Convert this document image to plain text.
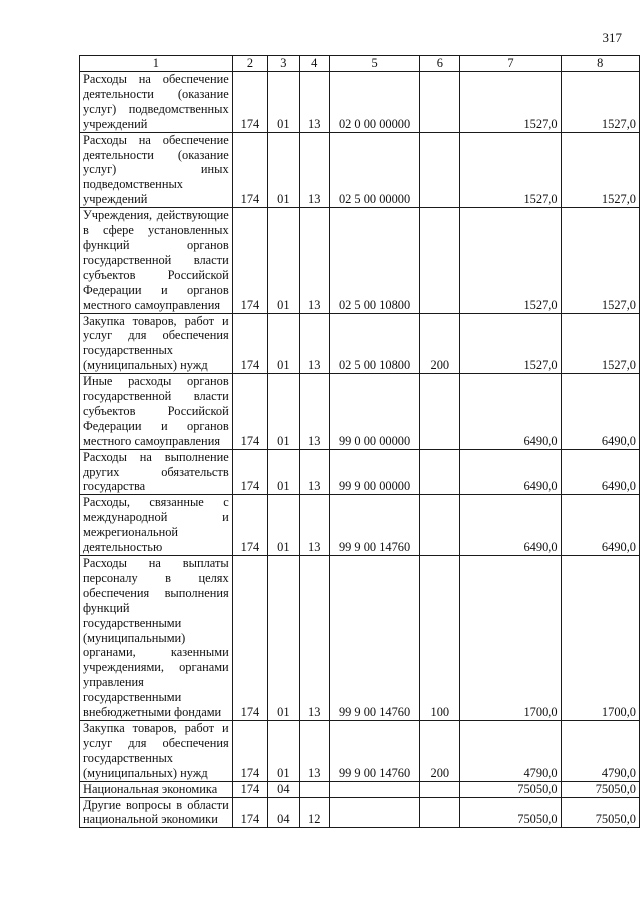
317
1	2	3	4	5	6	7	8
Расходы на обеспечение деятельности (оказание услуг) подведомственных учреждений	174	01	13	02 0 00 00000		1527,0	1527,0
Расходы на обеспечение деятельности (оказание услуг) иных подведомственных учреждений	174	01	13	02 5 00 00000		1527,0	1527,0
Учреждения, действующие в сфере установленных функций органов государственной власти субъектов Российской Федерации и органов местного самоуправления	174	01	13	02 5 00 10800		1527,0	1527,0
Закупка товаров, работ и услуг для обеспечения государственных (муниципальных) нужд	174	01	13	02 5 00 10800	200	1527,0	1527,0
Иные расходы органов государственной власти субъектов Российской Федерации и органов местного самоуправления	174	01	13	99 0 00 00000		6490,0	6490,0
Расходы на выполнение других обязательств государства	174	01	13	99 9 00 00000		6490,0	6490,0
Расходы, связанные с международной и межрегиональной деятельностью	174	01	13	99 9 00 14760		6490,0	6490,0
Расходы на выплаты персоналу в целях обеспечения выполнения функций государственными (муниципальными) органами, казенными учреждениями, органами управления государственными внебюджетными фондами	174	01	13	99 9 00 14760	100	1700,0	1700,0
Закупка товаров, работ и услуг для обеспечения государственных (муниципальных) нужд	174	01	13	99 9 00 14760	200	4790,0	4790,0
Национальная экономика	174	04				75050,0	75050,0
Другие вопросы в области национальной экономики	174	04	12			75050,0	75050,0
